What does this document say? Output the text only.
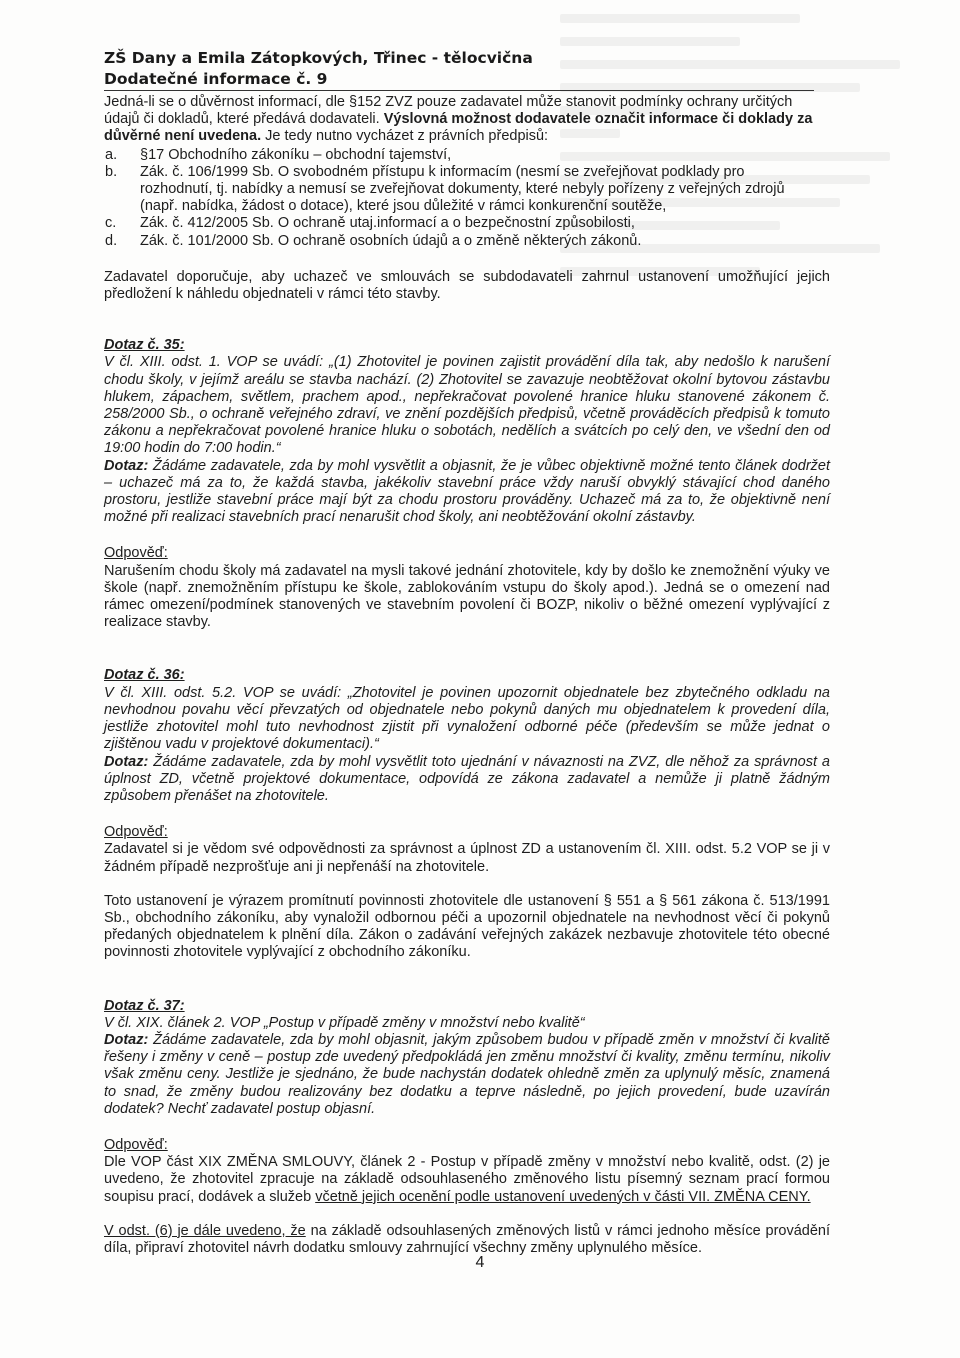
ZŠ Dany a Emila Zátopkových, Třinec - tělocvična
Dodatečné informace č. 9

Jedná-li se o důvěrnost informací, dle §152 ZVZ pouze zadavatel může stanovit podmínky ochrany určitých údajů či dokladů, které předává dodavateli. Výslovná možnost dodavatele označit informace či doklady za důvěrné není uvedena. Je tedy nutno vycházet z právních předpisů:

a.	§17 Obchodního zákoníku – obchodní tajemství,
b.	Zák. č. 106/1999 Sb. O svobodném přístupu k informacím (nesmí se zveřejňovat podklady pro rozhodnutí, tj. nabídky a nemusí se zveřejňovat dokumenty, které nebyly pořízeny z veřejných zdrojů (např. nabídka, žádost o dotace), které jsou důležité v rámci konkurenční soutěže,
c.	Zák. č. 412/2005 Sb. O ochraně utaj.informací a o bezpečnostní způsobilosti,
d.	Zák. č. 101/2000 Sb. O ochraně osobních údajů a o změně některých zákonů.

Zadavatel doporučuje, aby uchazeč ve smlouvách se subdodavateli zahrnul ustanovení umožňující jejich předložení k náhledu objednateli v rámci této stavby.

Dotaz č. 35:

V čl. XIII. odst. 1. VOP se uvádí: „(1) Zhotovitel je povinen zajistit provádění díla tak, aby nedošlo k narušení chodu školy, v jejímž areálu se stavba nachází. (2) Zhotovitel se zavazuje neobtěžovat okolní bytovou zástavbu hlukem, zápachem, světlem, prachem apod., nepřekračovat povolené hranice hluku stanovené zákonem č. 258/2000 Sb., o ochraně veřejného zdraví, ve znění pozdějších předpisů, včetně prováděcích předpisů k tomuto zákonu a nepřekračovat povolené hranice hluku o sobotách, nedělích a svátcích po celý den, ve všední den od 19:00 hodin do 7:00 hodin.“
Dotaz: Žádáme zadavatele, zda by mohl vysvětlit a objasnit, že je vůbec objektivně možné tento článek dodržet – uchazeč má za to, že každá stavba, jakékoliv stavební práce vždy naruší obvyklý stávající chod daného prostoru, jestliže stavební práce mají být za chodu prostoru prováděny. Uchazeč má za to, že objektivně není možné při realizaci stavebních prací nenarušit chod školy, ani neobtěžování okolní zástavby.

Odpověď:

Narušením chodu školy má zadavatel na mysli takové jednání zhotovitele, kdy by došlo ke znemožnění výuky ve škole (např. znemožněním přístupu ke škole, zablokováním vstupu do školy apod.). Jedná se o omezení nad rámec omezení/podmínek stanovených ve stavebním povolení či BOZP, nikoliv o běžné omezení vyplývající z realizace stavby.

Dotaz č. 36:

V čl. XIII. odst. 5.2. VOP se uvádí: „Zhotovitel je povinen upozornit objednatele bez zbytečného odkladu na nevhodnou povahu věcí převzatých od objednatele nebo pokynů daných mu objednatelem k provedení díla, jestliže zhotovitel mohl tuto nevhodnost zjistit při vynaložení odborné péče (především se může jednat o zjištěnou vadu v projektové dokumentaci).“
Dotaz: Žádáme zadavatele, zda by mohl vysvětlit toto ujednání v návaznosti na ZVZ, dle něhož za správnost a úplnost ZD, včetně projektové dokumentace, odpovídá ze zákona zadavatel a nemůže ji platně žádným způsobem přenášet na zhotovitele.

Odpověď:

Zadavatel si je vědom své odpovědnosti za správnost a úplnost ZD a ustanovením čl. XIII. odst. 5.2 VOP se ji v žádném případě nezprošťuje ani ji nepřenáší na zhotovitele.

Toto ustanovení je výrazem promítnutí povinnosti zhotovitele dle ustanovení § 551 a § 561 zákona č. 513/1991 Sb., obchodního zákoníku, aby vynaložil odbornou péči a upozornil objednatele na nevhodnost věcí či pokynů předaných objednatelem k plnění díla. Zákon o zadávání veřejných zakázek nezbavuje zhotovitele této obecné povinnosti zhotovitele vyplývající z obchodního zákoníku.

Dotaz č. 37:

V čl. XIX. článek 2. VOP „Postup v případě změny v množství nebo kvalitě“
Dotaz: Žádáme zadavatele, zda by mohl objasnit, jakým způsobem budou v případě změn v množství či kvalitě řešeny i změny v ceně – postup zde uvedený předpokládá jen změnu množství či kvality, změnu termínu, nikoliv však změnu ceny. Jestliže je sjednáno, že bude nachystán dodatek ohledně změn za uplynulý měsíc, znamená to snad, že změny budou realizovány bez dodatku a teprve následně, po jejich provedení, bude uzavírán dodatek? Nechť zadavatel postup objasní.

Odpověď:

Dle VOP část XIX ZMĚNA SMLOUVY, článek 2 - Postup v případě změny v množství nebo kvalitě, odst. (2) je uvedeno, že zhotovitel zpracuje na základě odsouhlaseného změnového listu písemný seznam prací formou soupisu prací, dodávek a služeb včetně jejich ocenění podle ustanovení uvedených v části VII. ZMĚNA CENY.

V odst. (6) je dále uvedeno, že na základě odsouhlasených změnových listů v rámci jednoho měsíce provádění díla, připraví zhotovitel návrh dodatku smlouvy zahrnující všechny změny uplynulého měsíce.

4
